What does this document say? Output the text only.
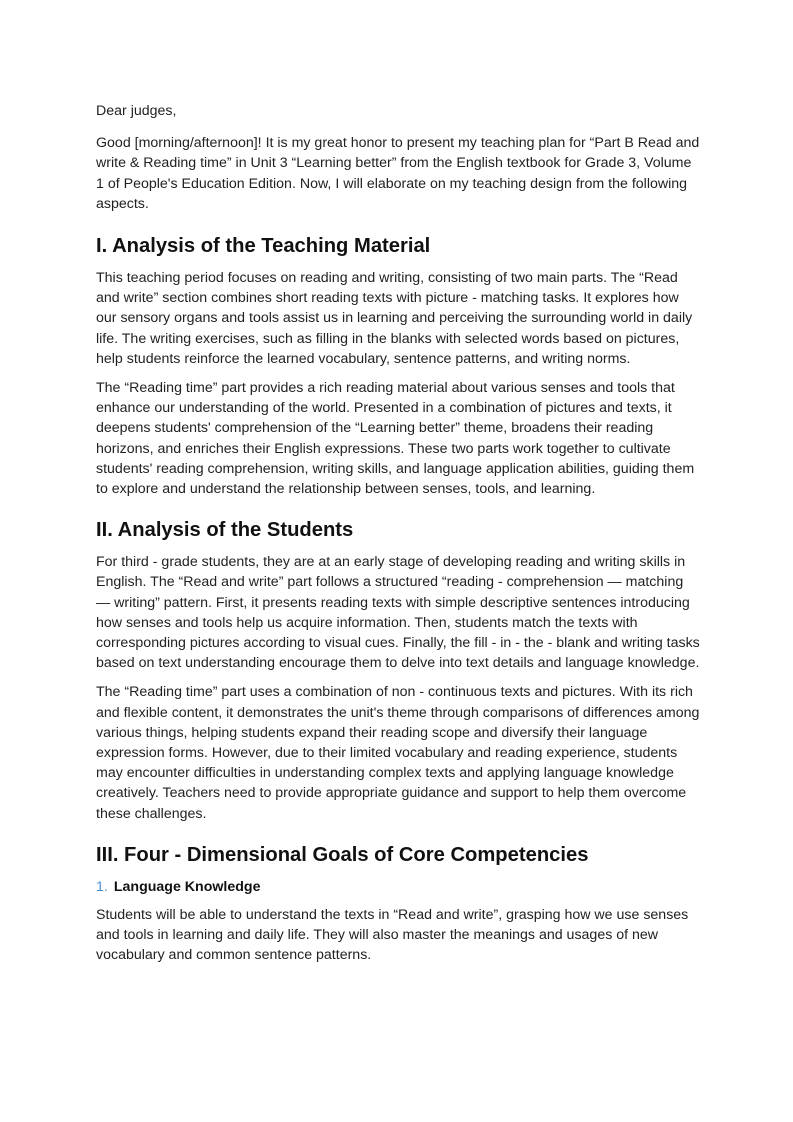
Dear judges,

Good [morning/afternoon]! It is my great honor to present my teaching plan for “Part B Read and write & Reading time” in Unit 3 “Learning better” from the English textbook for Grade 3, Volume 1 of People's Education Edition. Now, I will elaborate on my teaching design from the following aspects.

I. Analysis of the Teaching Material

This teaching period focuses on reading and writing, consisting of two main parts. The “Read and write” section combines short reading texts with picture - matching tasks. It explores how our sensory organs and tools assist us in learning and perceiving the surrounding world in daily life. The writing exercises, such as filling in the blanks with selected words based on pictures, help students reinforce the learned vocabulary, sentence patterns, and writing norms.

The “Reading time” part provides a rich reading material about various senses and tools that enhance our understanding of the world. Presented in a combination of pictures and texts, it deepens students' comprehension of the “Learning better” theme, broadens their reading horizons, and enriches their English expressions. These two parts work together to cultivate students' reading comprehension, writing skills, and language application abilities, guiding them to explore and understand the relationship between senses, tools, and learning.

II. Analysis of the Students

For third - grade students, they are at an early stage of developing reading and writing skills in English. The “Read and write” part follows a structured “reading - comprehension — matching — writing” pattern. First, it presents reading texts with simple descriptive sentences introducing how senses and tools help us acquire information. Then, students match the texts with corresponding pictures according to visual cues. Finally, the fill - in - the - blank and writing tasks based on text understanding encourage them to delve into text details and language knowledge.

The “Reading time” part uses a combination of non - continuous texts and pictures. With its rich and flexible content, it demonstrates the unit's theme through comparisons of differences among various things, helping students expand their reading scope and diversify their language expression forms. However, due to their limited vocabulary and reading experience, students may encounter difficulties in understanding complex texts and applying language knowledge creatively. Teachers need to provide appropriate guidance and support to help them overcome these challenges.

III. Four - Dimensional Goals of Core Competencies
1. Language Knowledge

Students will be able to understand the texts in “Read and write”, grasping how we use senses and tools in learning and daily life. They will also master the meanings and usages of new vocabulary and common sentence patterns.
